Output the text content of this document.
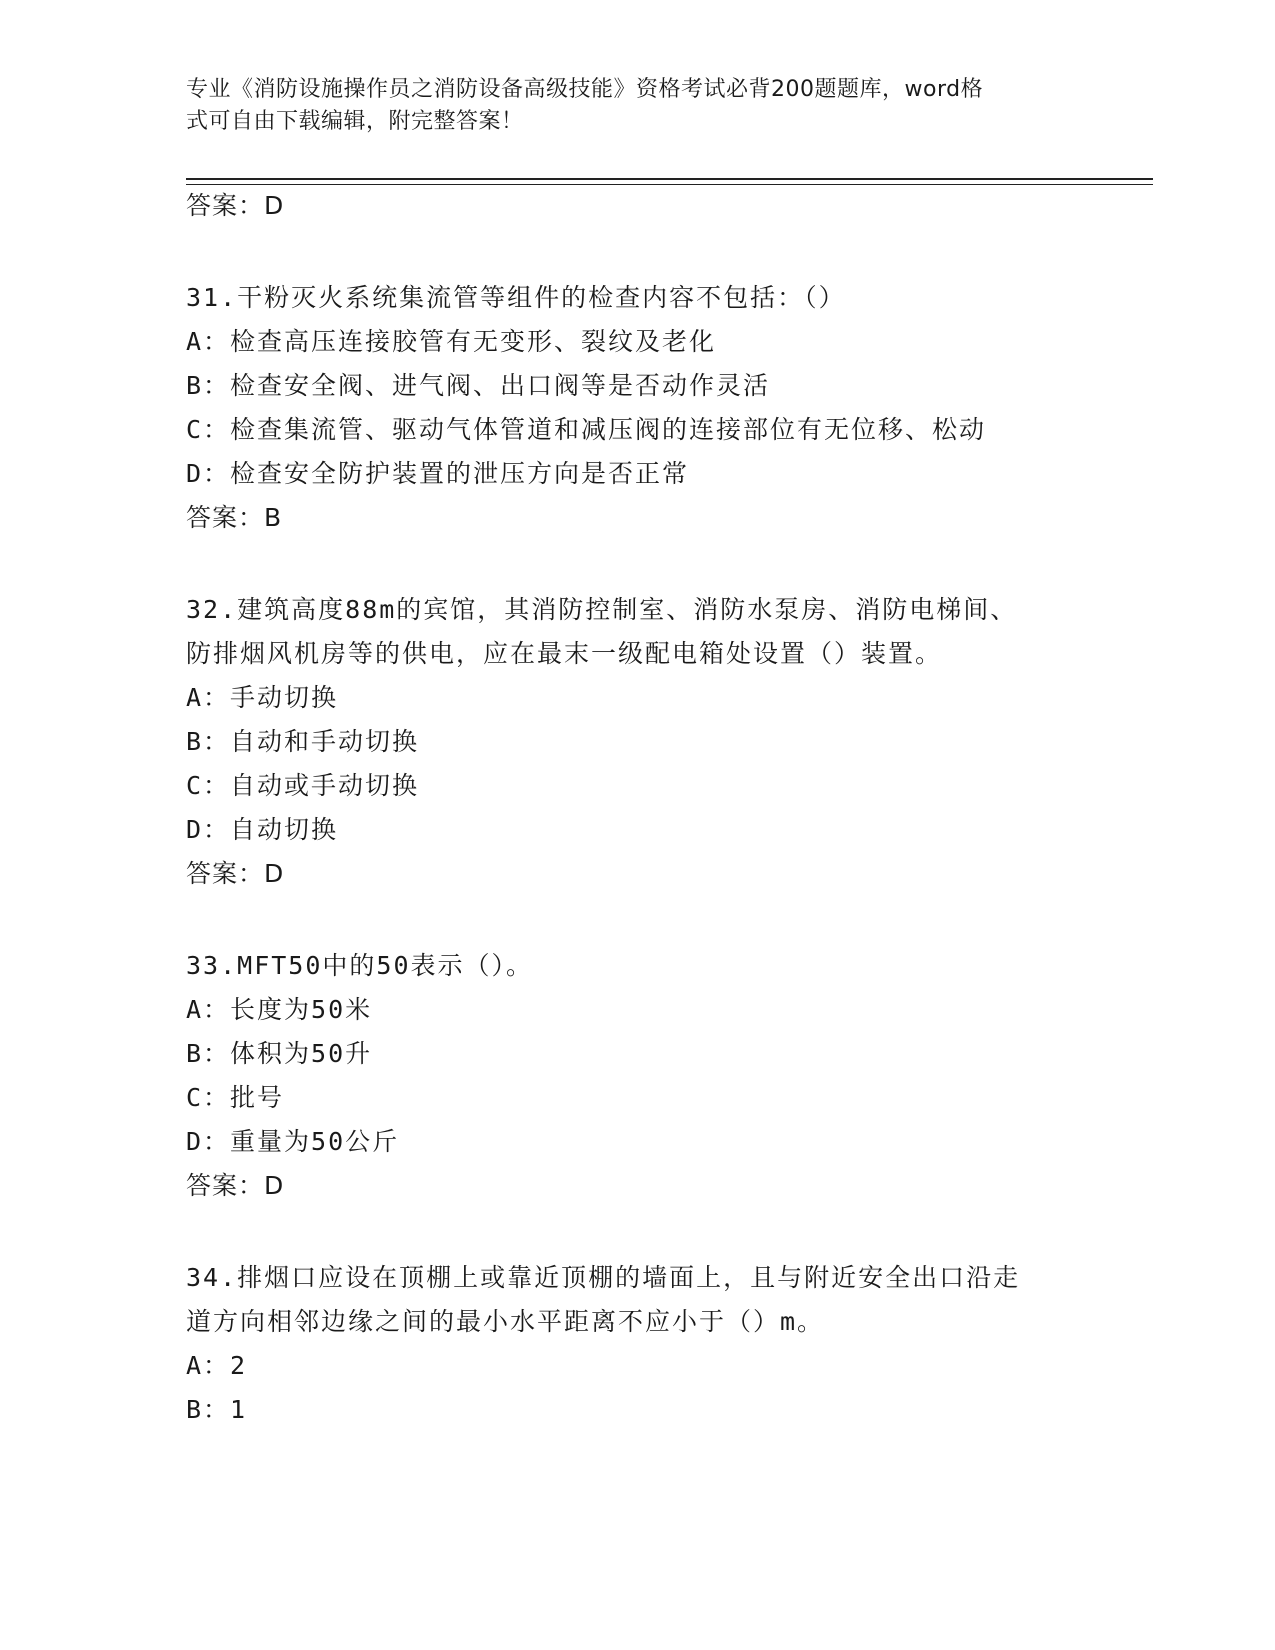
专业《消防设施操作员之消防设备高级技能》资格考试必背200题题库，word格
式可自由下载编辑，附完整答案！
答案：D
31.干粉灭火系统集流管等组件的检查内容不包括：（）
A：检查高压连接胶管有无变形、裂纹及老化
B：检查安全阀、进气阀、出口阀等是否动作灵活
C：检查集流管、驱动气体管道和减压阀的连接部位有无位移、松动
D：检查安全防护装置的泄压方向是否正常
答案：B
32.建筑高度88m的宾馆，其消防控制室、消防水泵房、消防电梯间、
防排烟风机房等的供电，应在最末一级配电箱处设置（）装置。
A：手动切换
B：自动和手动切换
C：自动或手动切换
D：自动切换
答案：D
33.MFT50中的50表示（）。
A：长度为50米
B：体积为50升
C：批号
D：重量为50公斤
答案：D
34.排烟口应设在顶棚上或靠近顶棚的墙面上，且与附近安全出口沿走
道方向相邻边缘之间的最小水平距离不应小于（）m。
A：2
B：1
